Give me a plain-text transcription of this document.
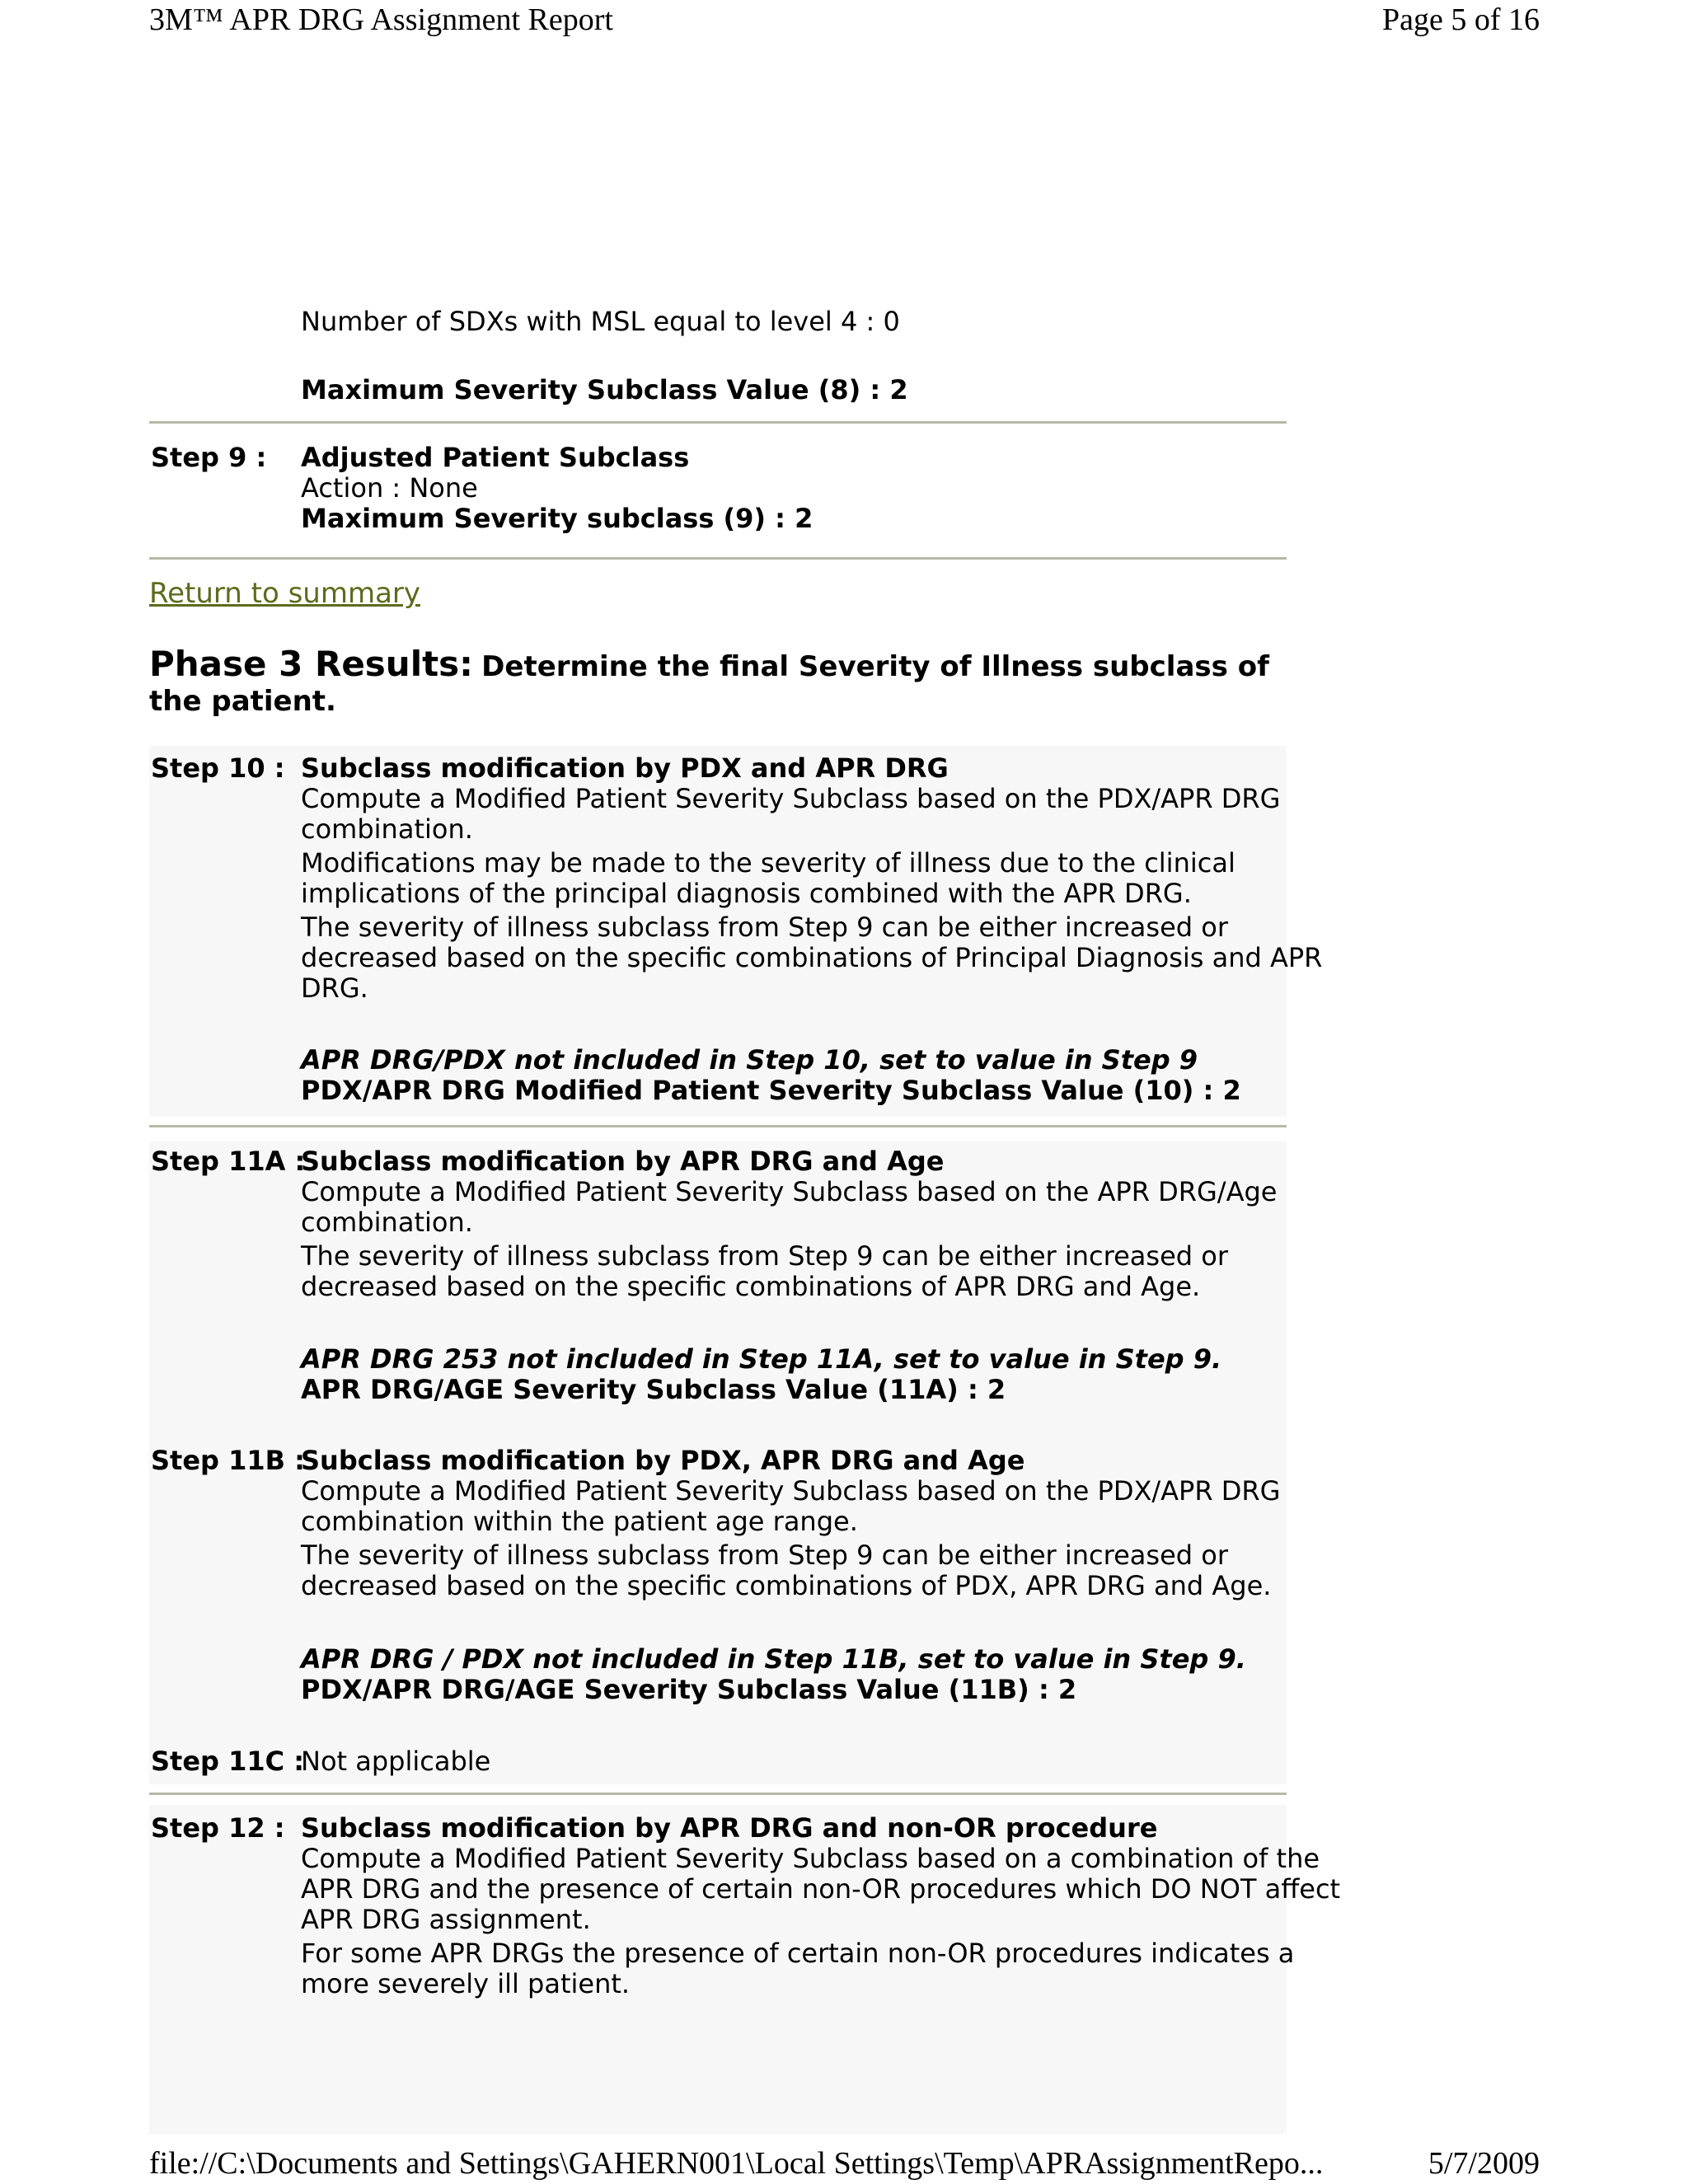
3M™ APR DRG Assignment Report	Page 5 of 16
Number of SDXs with MSL equal to level 4 : 0
Maximum Severity Subclass Value (8) : 2
Step 9 : Adjusted Patient Subclass
Action : None
Maximum Severity subclass (9) : 2
Return to summary
Phase 3 Results: Determine the final Severity of Illness subclass of
the patient.
Step 10 : Subclass modification by PDX and APR DRG
Compute a Modified Patient Severity Subclass based on the PDX/APR DRG
combination.
Modifications may be made to the severity of illness due to the clinical
implications of the principal diagnosis combined with the APR DRG.
The severity of illness subclass from Step 9 can be either increased or
decreased based on the specific combinations of Principal Diagnosis and APR
DRG.
APR DRG/PDX not included in Step 10, set to value in Step 9
PDX/APR DRG Modified Patient Severity Subclass Value (10) : 2
Step 11A :
Subclass modification by APR DRG and Age
Compute a Modified Patient Severity Subclass based on the APR DRG/Age
combination.
The severity of illness subclass from Step 9 can be either increased or
decreased based on the specific combinations of APR DRG and Age.
APR DRG 253 not included in Step 11A, set to value in Step 9.
APR DRG/AGE Severity Subclass Value (11A) : 2
Step 11B :
Subclass modification by PDX, APR DRG and Age
Compute a Modified Patient Severity Subclass based on the PDX/APR DRG
combination within the patient age range.
The severity of illness subclass from Step 9 can be either increased or
decreased based on the specific combinations of PDX, APR DRG and Age.
APR DRG / PDX not included in Step 11B, set to value in Step 9.
PDX/APR DRG/AGE Severity Subclass Value (11B) : 2
Step 11C :
Not applicable
Step 12 : Subclass modification by APR DRG and non-OR procedure
Compute a Modified Patient Severity Subclass based on a combination of the
APR DRG and the presence of certain non-OR procedures which DO NOT affect
APR DRG assignment.
For some APR DRGs the presence of certain non-OR procedures indicates a
more severely ill patient.
file://C:\Documents and Settings\GAHERN001\Local Settings\Temp\APRAssignmentRepo...	5/7/2009
